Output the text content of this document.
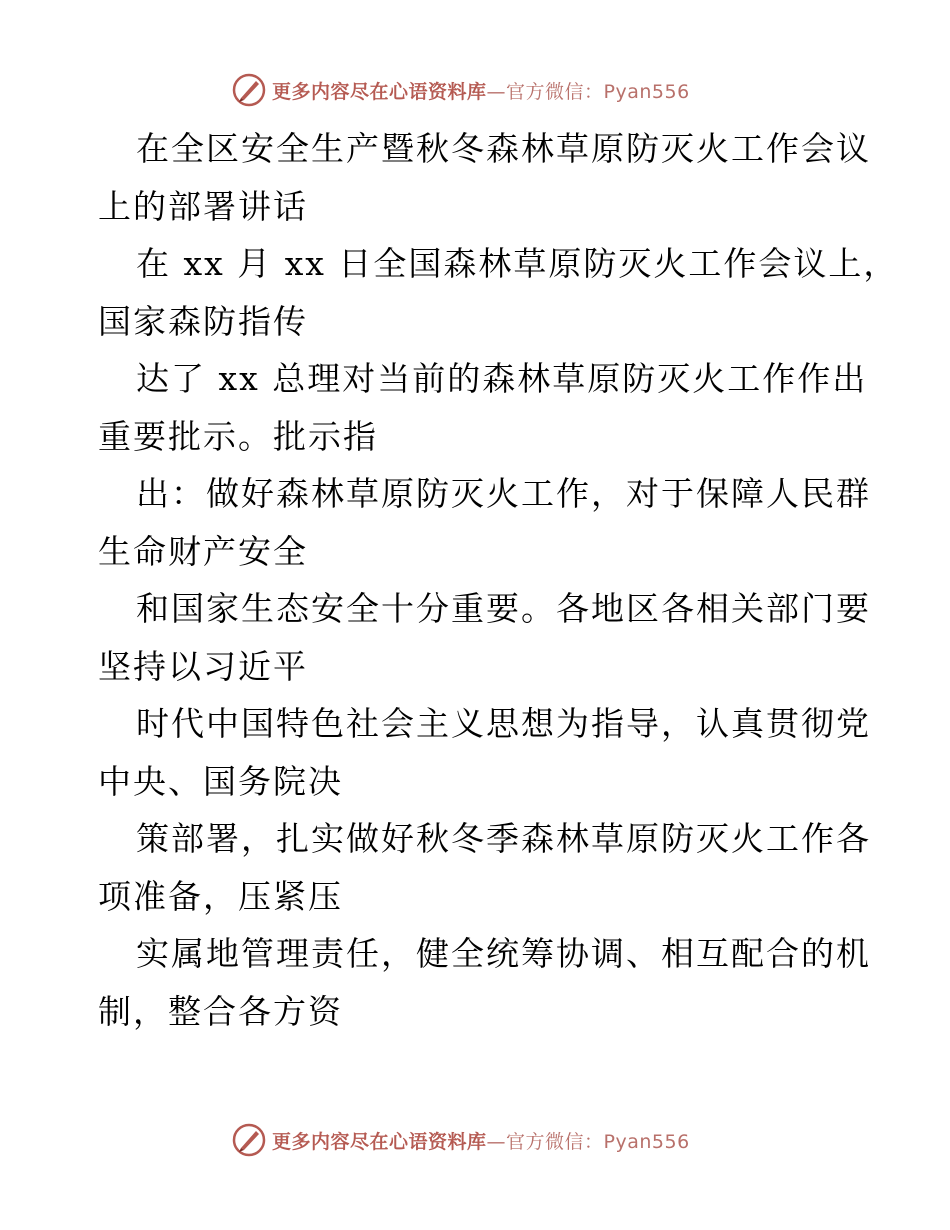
更多内容尽在心语资料库—官方微信：Pyan556
在全区安全生产暨秋冬森林草原防灭火工作会议
上的部署讲话
在 xx 月 xx 日全国森林草原防灭火工作会议上，
国家森防指传
达了 xx 总理对当前的森林草原防灭火工作作出
重要批示。批示指
出：做好森林草原防灭火工作，对于保障人民群
生命财产安全
和国家生态安全十分重要。各地区各相关部门要
坚持以习近平
时代中国特色社会主义思想为指导，认真贯彻党
中央、国务院决
策部署，扎实做好秋冬季森林草原防灭火工作各
项准备，压紧压
实属地管理责任，健全统筹协调、相互配合的机
制，整合各方资
更多内容尽在心语资料库—官方微信：Pyan556
